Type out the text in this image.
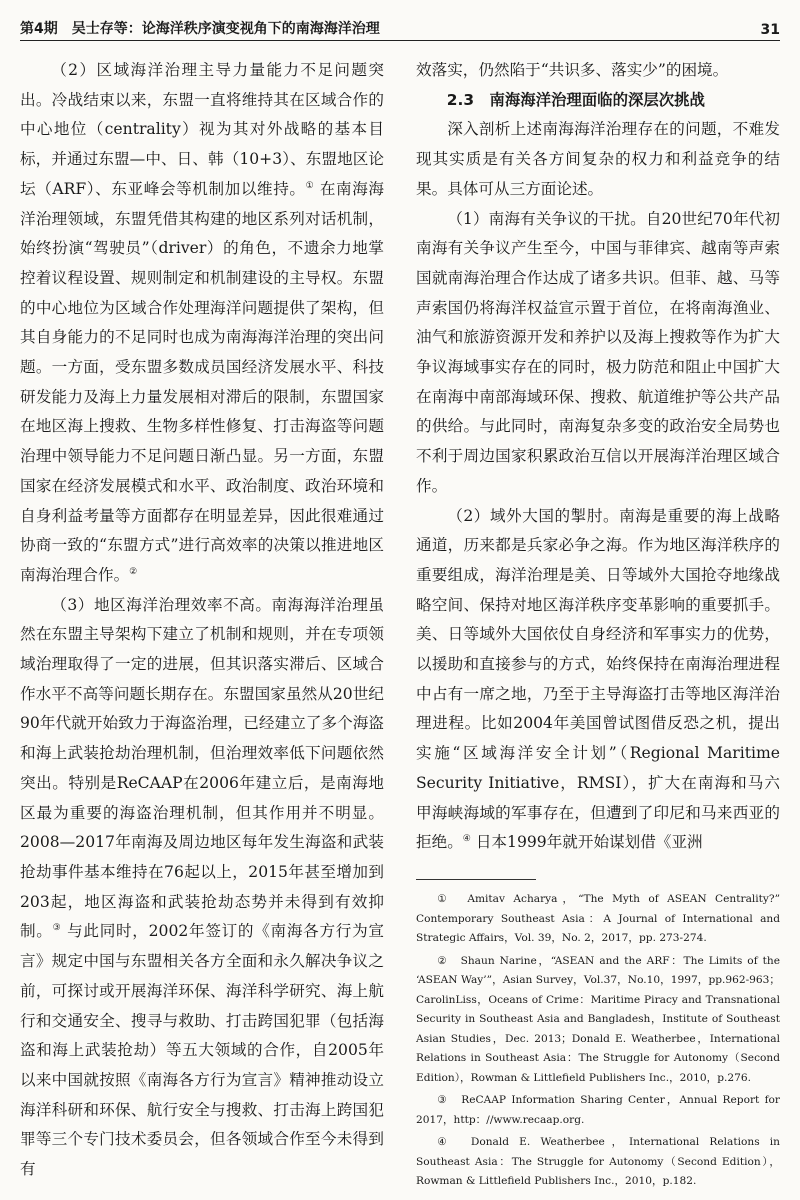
第4期　吴士存等：论海洋秩序演变视角下的南海海洋治理	31

（2）区域海洋治理主导力量能力不足问题突出。冷战结束以来，东盟一直将维持其在区域合作的中心地位（centrality）视为其对外战略的基本目标，并通过东盟—中、日、韩（10+3）、东盟地区论坛（ARF）、东亚峰会等机制加以维持。① 在南海海洋治理领域，东盟凭借其构建的地区系列对话机制，始终扮演“驾驶员”（driver）的角色，不遗余力地掌控着议程设置、规则制定和机制建设的主导权。东盟的中心地位为区域合作处理海洋问题提供了架构，但其自身能力的不足同时也成为南海海洋治理的突出问题。一方面，受东盟多数成员国经济发展水平、科技研发能力及海上力量发展相对滞后的限制，东盟国家在地区海上搜救、生物多样性修复、打击海盗等问题治理中领导能力不足问题日渐凸显。另一方面，东盟国家在经济发展模式和水平、政治制度、政治环境和自身利益考量等方面都存在明显差异，因此很难通过协商一致的“东盟方式”进行高效率的决策以推进地区南海治理合作。②

（3）地区海洋治理效率不高。南海海洋治理虽然在东盟主导架构下建立了机制和规则，并在专项领域治理取得了一定的进展，但其识落实滞后、区域合作水平不高等问题长期存在。东盟国家虽然从20世纪90年代就开始致力于海盗治理，已经建立了多个海盗和海上武装抢劫治理机制，但治理效率低下问题依然突出。特别是ReCAAP在2006年建立后，是南海地区最为重要的海盗治理机制，但其作用并不明显。2008—2017年南海及周边地区每年发生海盗和武装抢劫事件基本维持在76起以上，2015年甚至增加到203起，地区海盗和武装抢劫态势并未得到有效抑制。③ 与此同时，2002年签订的《南海各方行为宣言》规定中国与东盟相关各方全面和永久解决争议之前，可探讨或开展海洋环保、海洋科学研究、海上航行和交通安全、搜寻与救助、打击跨国犯罪（包括海盗和海上武装抢劫）等五大领域的合作，自2005年以来中国就按照《南海各方行为宣言》精神推动设立海洋科研和环保、航行安全与搜救、打击海上跨国犯罪等三个专门技术委员会，但各领域合作至今未得到有

效落实，仍然陷于“共识多、落实少”的困境。

2.3　南海海洋治理面临的深层次挑战

深入剖析上述南海海洋治理存在的问题，不难发现其实质是有关各方间复杂的权力和利益竞争的结果。具体可从三方面论述。

（1）南海有关争议的干扰。自20世纪70年代初南海有关争议产生至今，中国与菲律宾、越南等声索国就南海治理合作达成了诸多共识。但菲、越、马等声索国仍将海洋权益宣示置于首位，在将南海渔业、油气和旅游资源开发和养护以及海上搜救等作为扩大争议海域事实存在的同时，极力防范和阻止中国扩大在南海中南部海域环保、搜救、航道维护等公共产品的供给。与此同时，南海复杂多变的政治安全局势也不利于周边国家积累政治互信以开展海洋治理区域合作。

（2）域外大国的掣肘。南海是重要的海上战略通道，历来都是兵家必争之海。作为地区海洋秩序的重要组成，海洋治理是美、日等域外大国抢夺地缘战略空间、保持对地区海洋秩序变革影响的重要抓手。美、日等域外大国依仗自身经济和军事实力的优势，以援助和直接参与的方式，始终保持在南海治理进程中占有一席之地，乃至于主导海盗打击等地区海洋治理进程。比如2004年美国曾试图借反恐之机，提出实施“区域海洋安全计划”（Regional Maritime Security Initiative，RMSI），扩大在南海和马六甲海峡海域的军事存在，但遭到了印尼和马来西亚的拒绝。④ 日本1999年就开始谋划借《亚洲

①　Amitav Acharya，“The Myth of ASEAN Centrality?” Contemporary Southeast Asia：A Journal of International and Strategic Affairs，Vol. 39，No. 2，2017，pp. 273-274.

②　Shaun Narine，“ASEAN and the ARF：The Limits of the ‘ASEAN Way’”，Asian Survey，Vol.37，No.10，1997，pp.962-963；CarolinLiss，Oceans of Crime：Maritime Piracy and Transnational Security in Southeast Asia and Bangladesh，Institute of Southeast Asian Studies，Dec. 2013；Donald E. Weatherbee，International Relations in Southeast Asia：The Struggle for Autonomy（Second Edition），Rowman & Littlefield Publishers Inc.，2010，p.276.

③　ReCAAP Information Sharing Center，Annual Report for 2017，http：//www.recaap.org.

④　Donald E. Weatherbee，International Relations in Southeast Asia：The Struggle for Autonomy（Second Edition），Rowman & Littlefield Publishers Inc.，2010，p.182.
